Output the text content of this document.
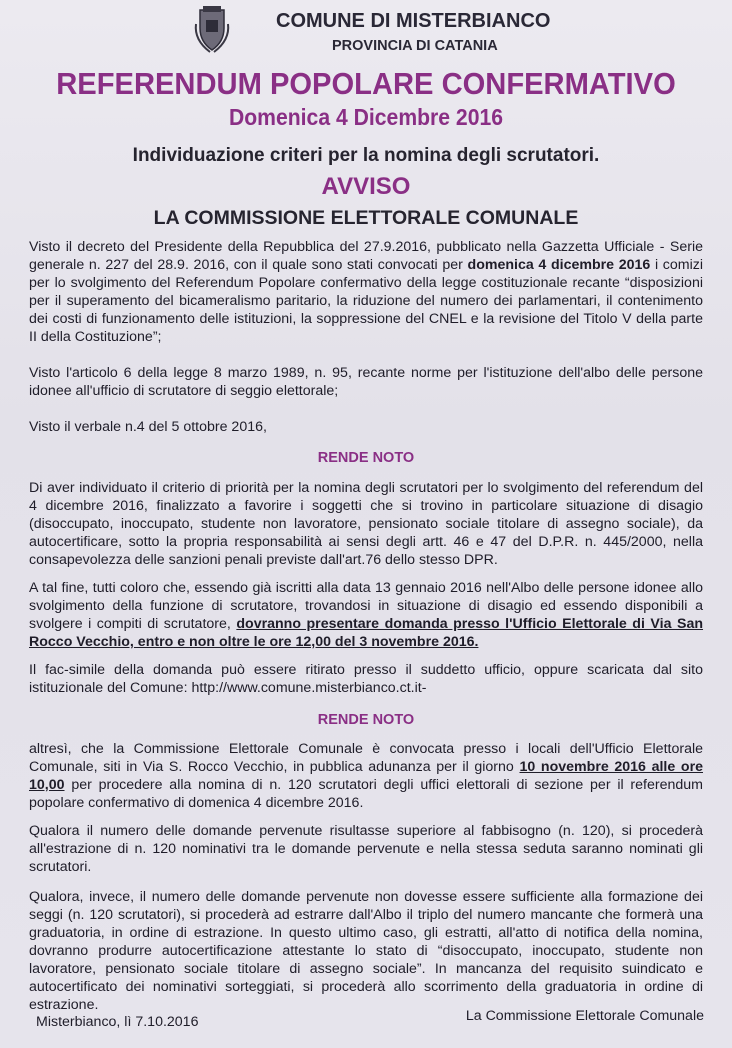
COMUNE DI MISTERBIANCO
PROVINCIA DI CATANIA
REFERENDUM POPOLARE CONFERMATIVO
Domenica 4 Dicembre 2016
Individuazione criteri per la nomina degli scrutatori.
AVVISO
LA COMMISSIONE ELETTORALE COMUNALE

Visto il decreto del Presidente della Repubblica del 27.9.2016, pubblicato nella Gazzetta Ufficiale - Serie generale n. 227 del 28.9. 2016, con il quale sono stati convocati per domenica 4 dicembre 2016 i comizi per lo svolgimento del Referendum Popolare confermativo della legge costituzionale recante “disposizioni per il superamento del bicameralismo paritario, la riduzione del numero dei parlamentari, il contenimento dei costi di funzionamento delle istituzioni, la soppressione del CNEL e la revisione del Titolo V della parte II della Costituzione”;

Visto l'articolo 6 della legge 8 marzo 1989, n. 95, recante norme per l'istituzione dell'albo delle persone idonee all'ufficio di scrutatore di seggio elettorale;

Visto il verbale n.4 del 5 ottobre 2016,

RENDE NOTO

Di aver individuato il criterio di priorità per la nomina degli scrutatori per lo svolgimento del referendum del 4 dicembre 2016, finalizzato a favorire i soggetti che si trovino in particolare situazione di disagio (disoccupato, inoccupato, studente non lavoratore, pensionato sociale titolare di assegno sociale), da autocertificare, sotto la propria responsabilità ai sensi degli artt. 46 e 47 del D.P.R. n. 445/2000, nella consapevolezza delle sanzioni penali previste dall'art.76 dello stesso DPR.

A tal fine, tutti coloro che, essendo già iscritti alla data 13 gennaio 2016 nell'Albo delle persone idonee allo svolgimento della funzione di scrutatore, trovandosi in situazione di disagio ed essendo disponibili a svolgere i compiti di scrutatore, dovranno presentare domanda presso l'Ufficio Elettorale di Via San Rocco Vecchio, entro e non oltre le ore 12,00 del 3 novembre 2016.

Il fac-simile della domanda può essere ritirato presso il suddetto ufficio, oppure scaricata dal sito istituzionale del Comune: http://www.comune.misterbianco.ct.it-

RENDE NOTO

altresì, che la Commissione Elettorale Comunale è convocata presso i locali dell'Ufficio Elettorale Comunale, siti in Via S. Rocco Vecchio, in pubblica adunanza per il giorno 10 novembre 2016 alle ore 10,00 per procedere alla nomina di n. 120 scrutatori degli uffici elettorali di sezione per il referendum popolare confermativo di domenica 4 dicembre 2016.

Qualora il numero delle domande pervenute risultasse superiore al fabbisogno (n. 120), si procederà all'estrazione di n. 120 nominativi tra le domande pervenute e nella stessa seduta saranno nominati gli scrutatori.

Qualora, invece, il numero delle domande pervenute non dovesse essere sufficiente alla formazione dei seggi (n. 120 scrutatori), si procederà ad estrarre dall'Albo il triplo del numero mancante che formerà una graduatoria, in ordine di estrazione. In questo ultimo caso, gli estratti, all'atto di notifica della nomina, dovranno produrre autocertificazione attestante lo stato di “disoccupato, inoccupato, studente non lavoratore, pensionato sociale titolare di assegno sociale”. In mancanza del requisito suindicato e autocertificato dei nominativi sorteggiati, si procederà allo scorrimento della graduatoria in ordine di estrazione.

Misterbianco, lì 7.10.2016	La Commissione Elettorale Comunale
